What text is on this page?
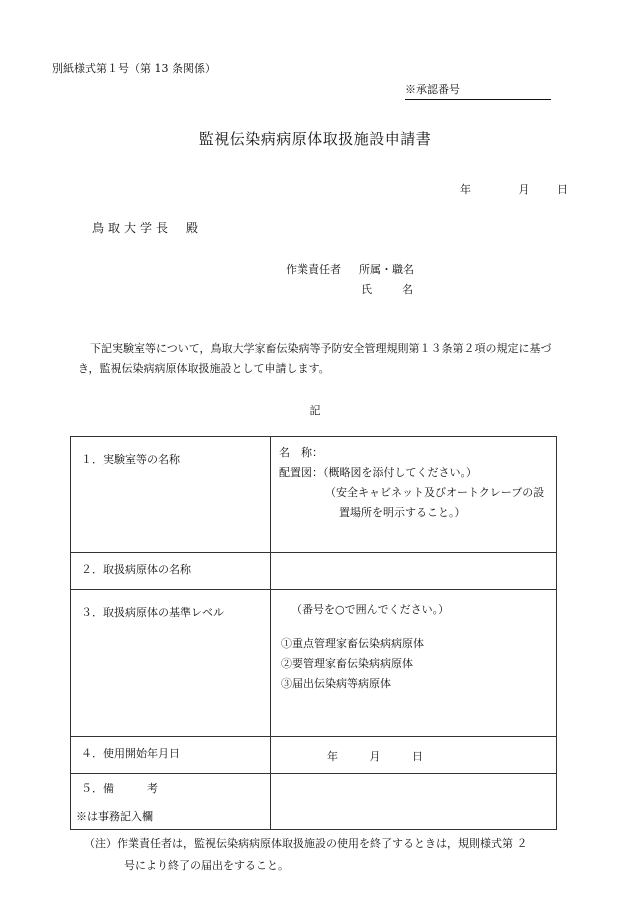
別紙様式第１号（第 13 条関係）
※承認番号
監視伝染病病原体取扱施設申請書
年	月	日
鳥取大学長 殿
作業責任者 所属・職名
氏	名
下記実験室等について，鳥取大学家畜伝染病等予防安全管理規則第１３条第２項の規定に基づき，監視伝染病病原体取扱施設として申請します。
記
１．実験室等の名称	名　称：
配置図：（概略図を添付してください。）
（安全キャビネット及びオートクレーブの設
置場所を明示すること。）

２．取扱病原体の名称	
３．取扱病原体の基準レベル	（番号を○で囲んでください。）
①重点管理家畜伝染病病原体
②要管理家畜伝染病病原体
③届出伝染病等病原体

４．使用開始年月日	年 月 日

５．備　　　考	
※は事務記入欄
（注）作業責任者は，監視伝染病病原体取扱施設の使用を終了するときは，規則様式第 ２
号により終了の届出をすること。
